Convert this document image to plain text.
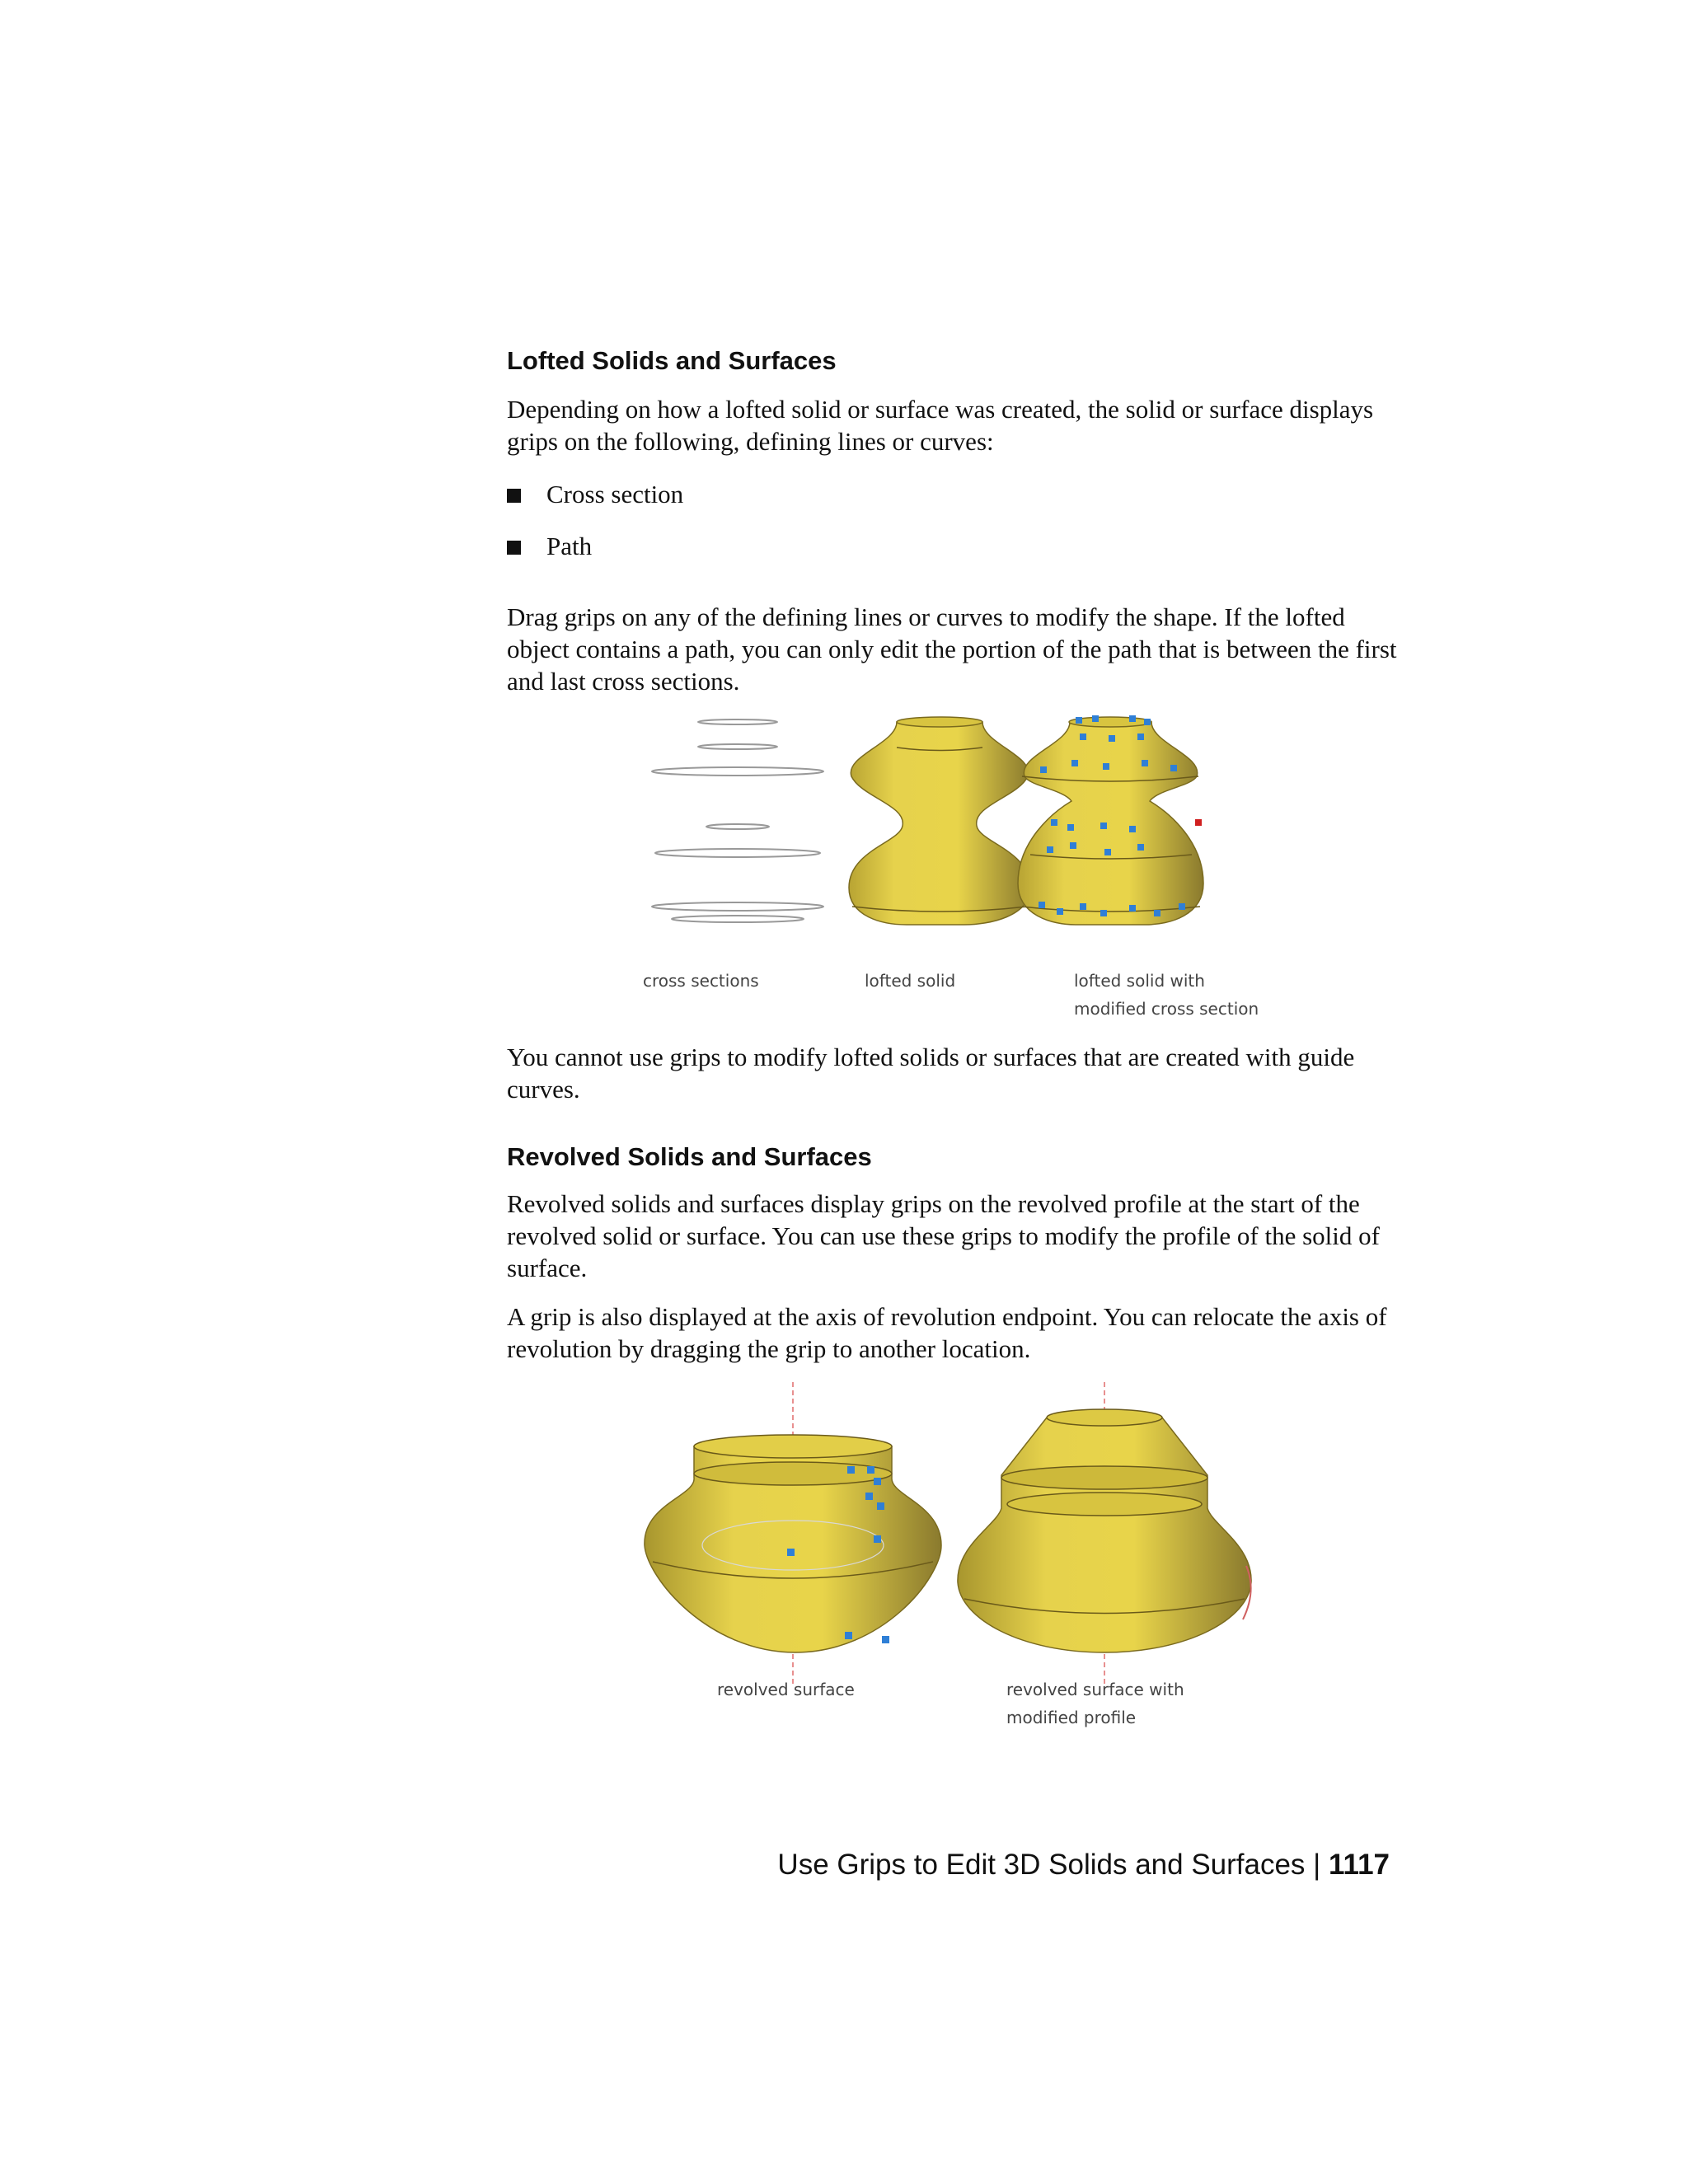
Lofted Solids and Surfaces

Depending on how a lofted solid or surface was created, the solid or surface displays grips on the following, defining lines or curves:

Cross section
Path

Drag grips on any of the defining lines or curves to modify the shape. If the lofted object contains a path, you can only edit the portion of the path that is between the first and last cross sections.

cross sections	lofted solid	lofted solid with
modified cross section

You cannot use grips to modify lofted solids or surfaces that are created with guide curves.

Revolved Solids and Surfaces

Revolved solids and surfaces display grips on the revolved profile at the start of the revolved solid or surface. You can use these grips to modify the profile of the solid of surface.

A grip is also displayed at the axis of revolution endpoint. You can relocate the axis of revolution by dragging the grip to another location.

revolved surface	revolved surface with
modified profile
Use Grips to Edit 3D Solids and Surfaces | 1117
